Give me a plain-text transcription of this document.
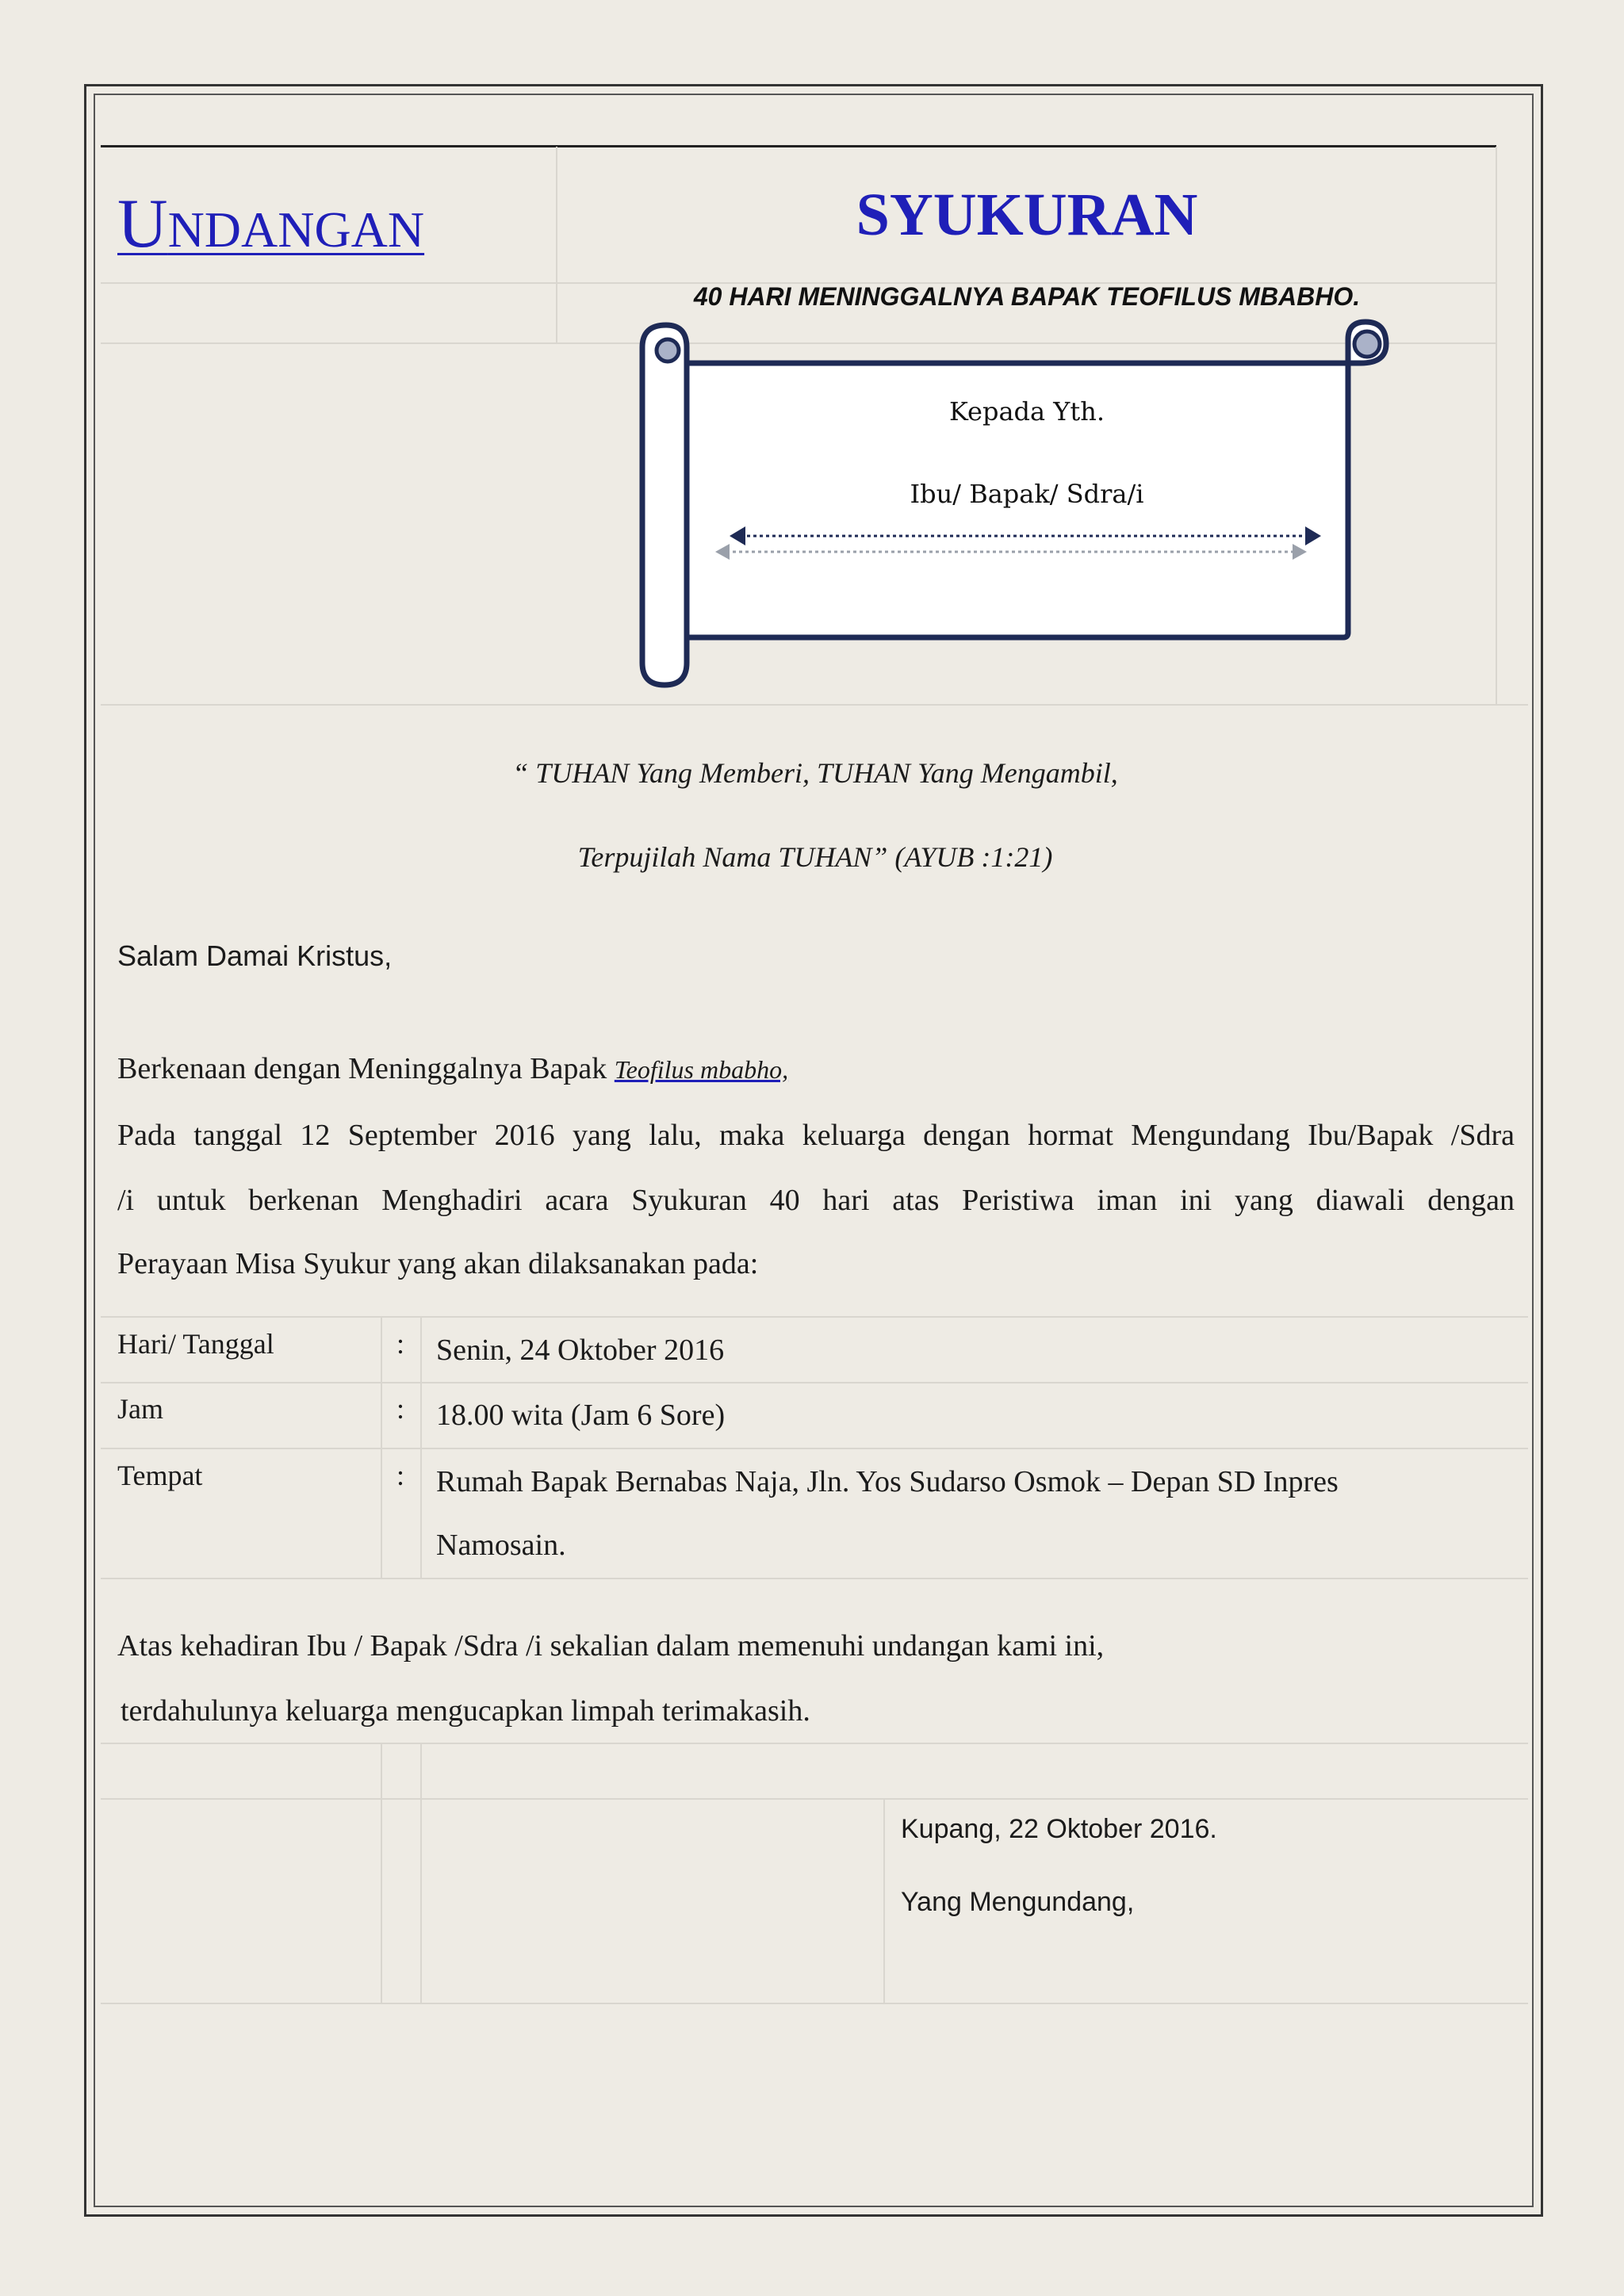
UNDANGAN	SYUKURAN
40 HARI MENINGGALNYA BAPAK TEOFILUS MBABHO.
Kepada Yth.
Ibu/ Bapak/ Sdra/i
“ TUHAN Yang Memberi, TUHAN Yang Mengambil,
Terpujilah Nama TUHAN” (AYUB :1:21)
Salam Damai Kristus,
Berkenaan dengan Meninggalnya Bapak Teofilus mbabho,
Pada tanggal 12 September 2016 yang lalu, maka keluarga dengan hormat Mengundang Ibu/Bapak /Sdra
/i untuk berkenan Menghadiri acara Syukuran 40 hari atas Peristiwa iman ini yang diawali dengan
Perayaan Misa Syukur yang akan dilaksanakan pada:
Hari/ Tanggal	: Senin, 24 Oktober 2016
Jam	: 18.00 wita (Jam 6 Sore)
Tempat	: Rumah Bapak Bernabas Naja, Jln. Yos Sudarso Osmok – Depan SD Inpres
Namosain.
Atas kehadiran Ibu / Bapak /Sdra /i sekalian dalam memenuhi undangan kami ini,
terdahulunya keluarga mengucapkan limpah terimakasih.
Kupang, 22 Oktober 2016.
Yang Mengundang,
